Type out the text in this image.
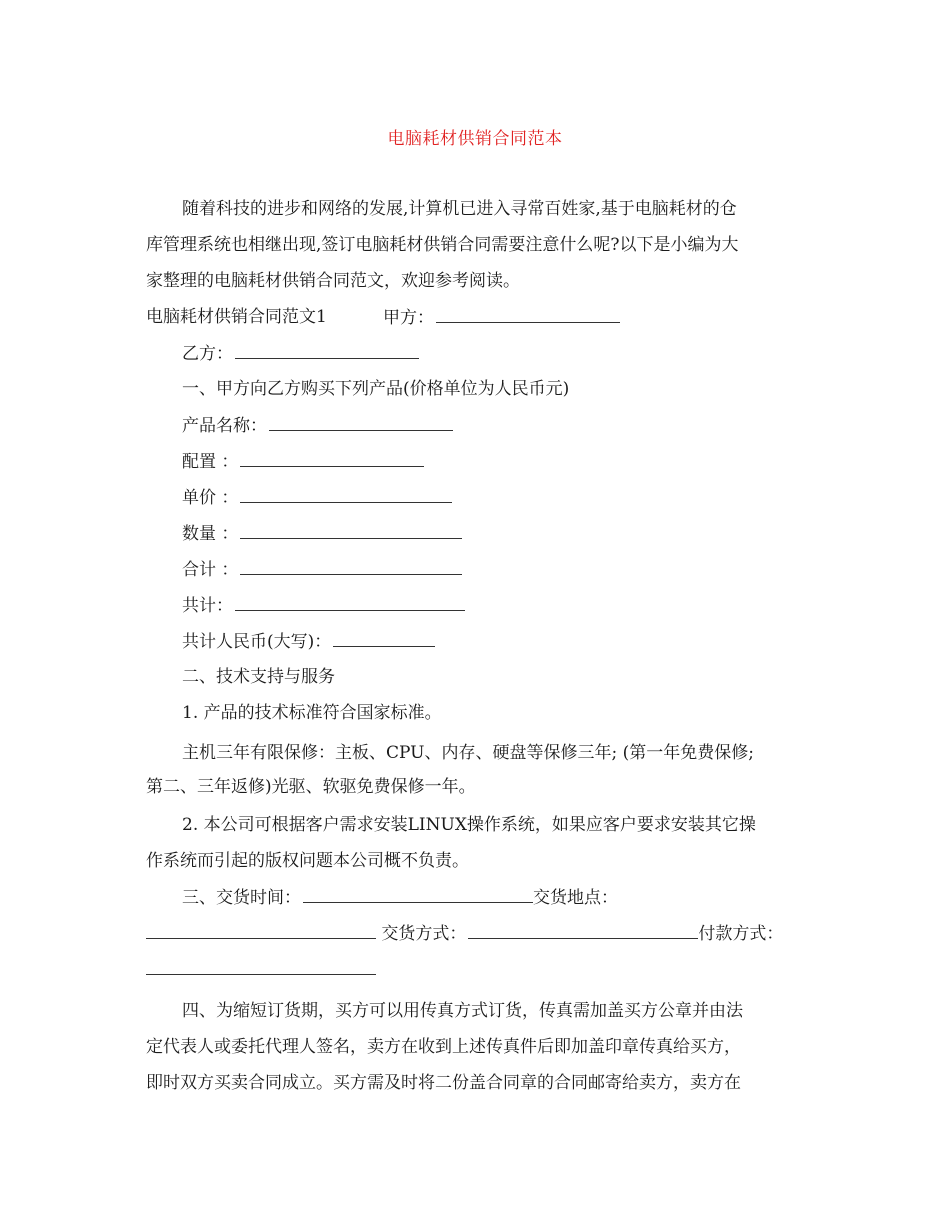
电脑耗材供销合同范本
随着科技的进步和网络的发展,计算机已进入寻常百姓家,基于电脑耗材的仓
库管理系统也相继出现,签订电脑耗材供销合同需要注意什么呢?以下是小编为大
家整理的电脑耗材供销合同范文，欢迎参考阅读。
电脑耗材供销合同范文1	甲方：
乙方：
一、甲方向乙方购买下列产品(价格单位为人民币元)
产品名称：
配置 ：
单价 ：
数量 ：
合计 ：
共计：
共计人民币(大写)：
二、技术支持与服务
1. 产品的技术标准符合国家标准。
主机三年有限保修：主板、CPU、内存、硬盘等保修三年; (第一年免费保修;
第二、三年返修)光驱、软驱免费保修一年。
2. 本公司可根据客户需求安装LINUX操作系统，如果应客户要求安装其它操
作系统而引起的版权问题本公司概不负责。
三、交货时间：	交货地点：
交货方式：	付款方式：
四、为缩短订货期，买方可以用传真方式订货，传真需加盖买方公章并由法
定代表人或委托代理人签名，卖方在收到上述传真件后即加盖印章传真给买方，
即时双方买卖合同成立。买方需及时将二份盖合同章的合同邮寄给卖方，卖方在
